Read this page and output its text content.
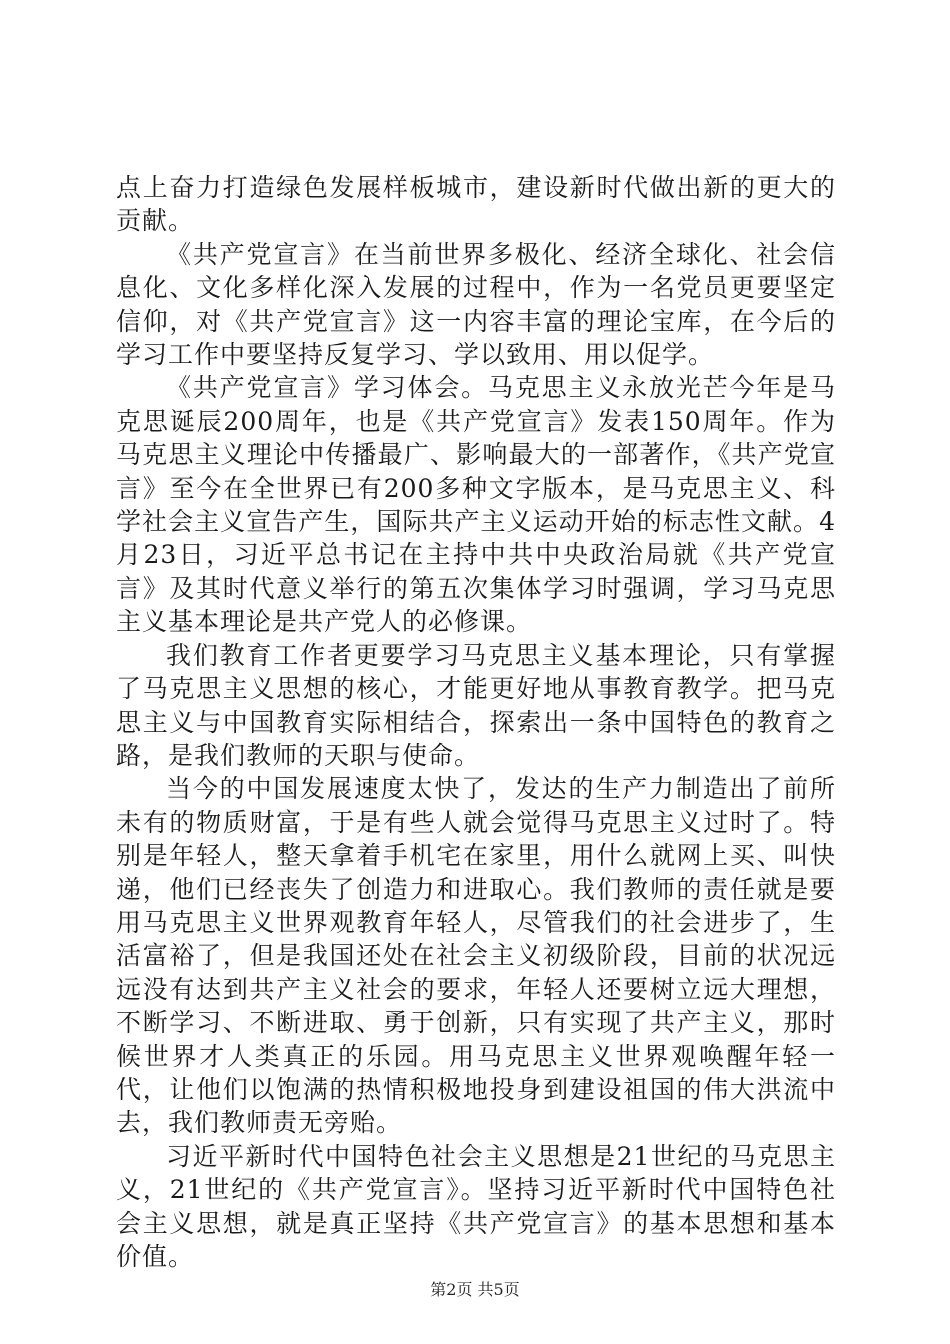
点上奋力打造绿色发展样板城市，建设新时代做出新的更大的贡献。

《共产党宣言》在当前世界多极化、经济全球化、社会信息化、文化多样化深入发展的过程中，作为一名党员更要坚定信仰，对《共产党宣言》这一内容丰富的理论宝库，在今后的学习工作中要坚持反复学习、学以致用、用以促学。

《共产党宣言》学习体会。马克思主义永放光芒今年是马克思诞辰200周年，也是《共产党宣言》发表150周年。作为马克思主义理论中传播最广、影响最大的一部著作，《共产党宣言》至今在全世界已有200多种文字版本，是马克思主义、科学社会主义宣告产生，国际共产主义运动开始的标志性文献。4月23日，习近平总书记在主持中共中央政治局就《共产党宣言》及其时代意义举行的第五次集体学习时强调，学习马克思主义基本理论是共产党人的必修课。

我们教育工作者更要学习马克思主义基本理论，只有掌握了马克思主义思想的核心，才能更好地从事教育教学。把马克思主义与中国教育实际相结合，探索出一条中国特色的教育之路，是我们教师的天职与使命。

当今的中国发展速度太快了，发达的生产力制造出了前所未有的物质财富，于是有些人就会觉得马克思主义过时了。特别是年轻人，整天拿着手机宅在家里，用什么就网上买、叫快递，他们已经丧失了创造力和进取心。我们教师的责任就是要用马克思主义世界观教育年轻人，尽管我们的社会进步了，生活富裕了，但是我国还处在社会主义初级阶段，目前的状况远远没有达到共产主义社会的要求，年轻人还要树立远大理想，不断学习、不断进取、勇于创新，只有实现了共产主义，那时候世界才人类真正的乐园。用马克思主义世界观唤醒年轻一代，让他们以饱满的热情积极地投身到建设祖国的伟大洪流中去，我们教师责无旁贻。

习近平新时代中国特色社会主义思想是21世纪的马克思主义，21世纪的《共产党宣言》。坚持习近平新时代中国特色社会主义思想，就是真正坚持《共产党宣言》的基本思想和基本价值。

第2页 共5页
